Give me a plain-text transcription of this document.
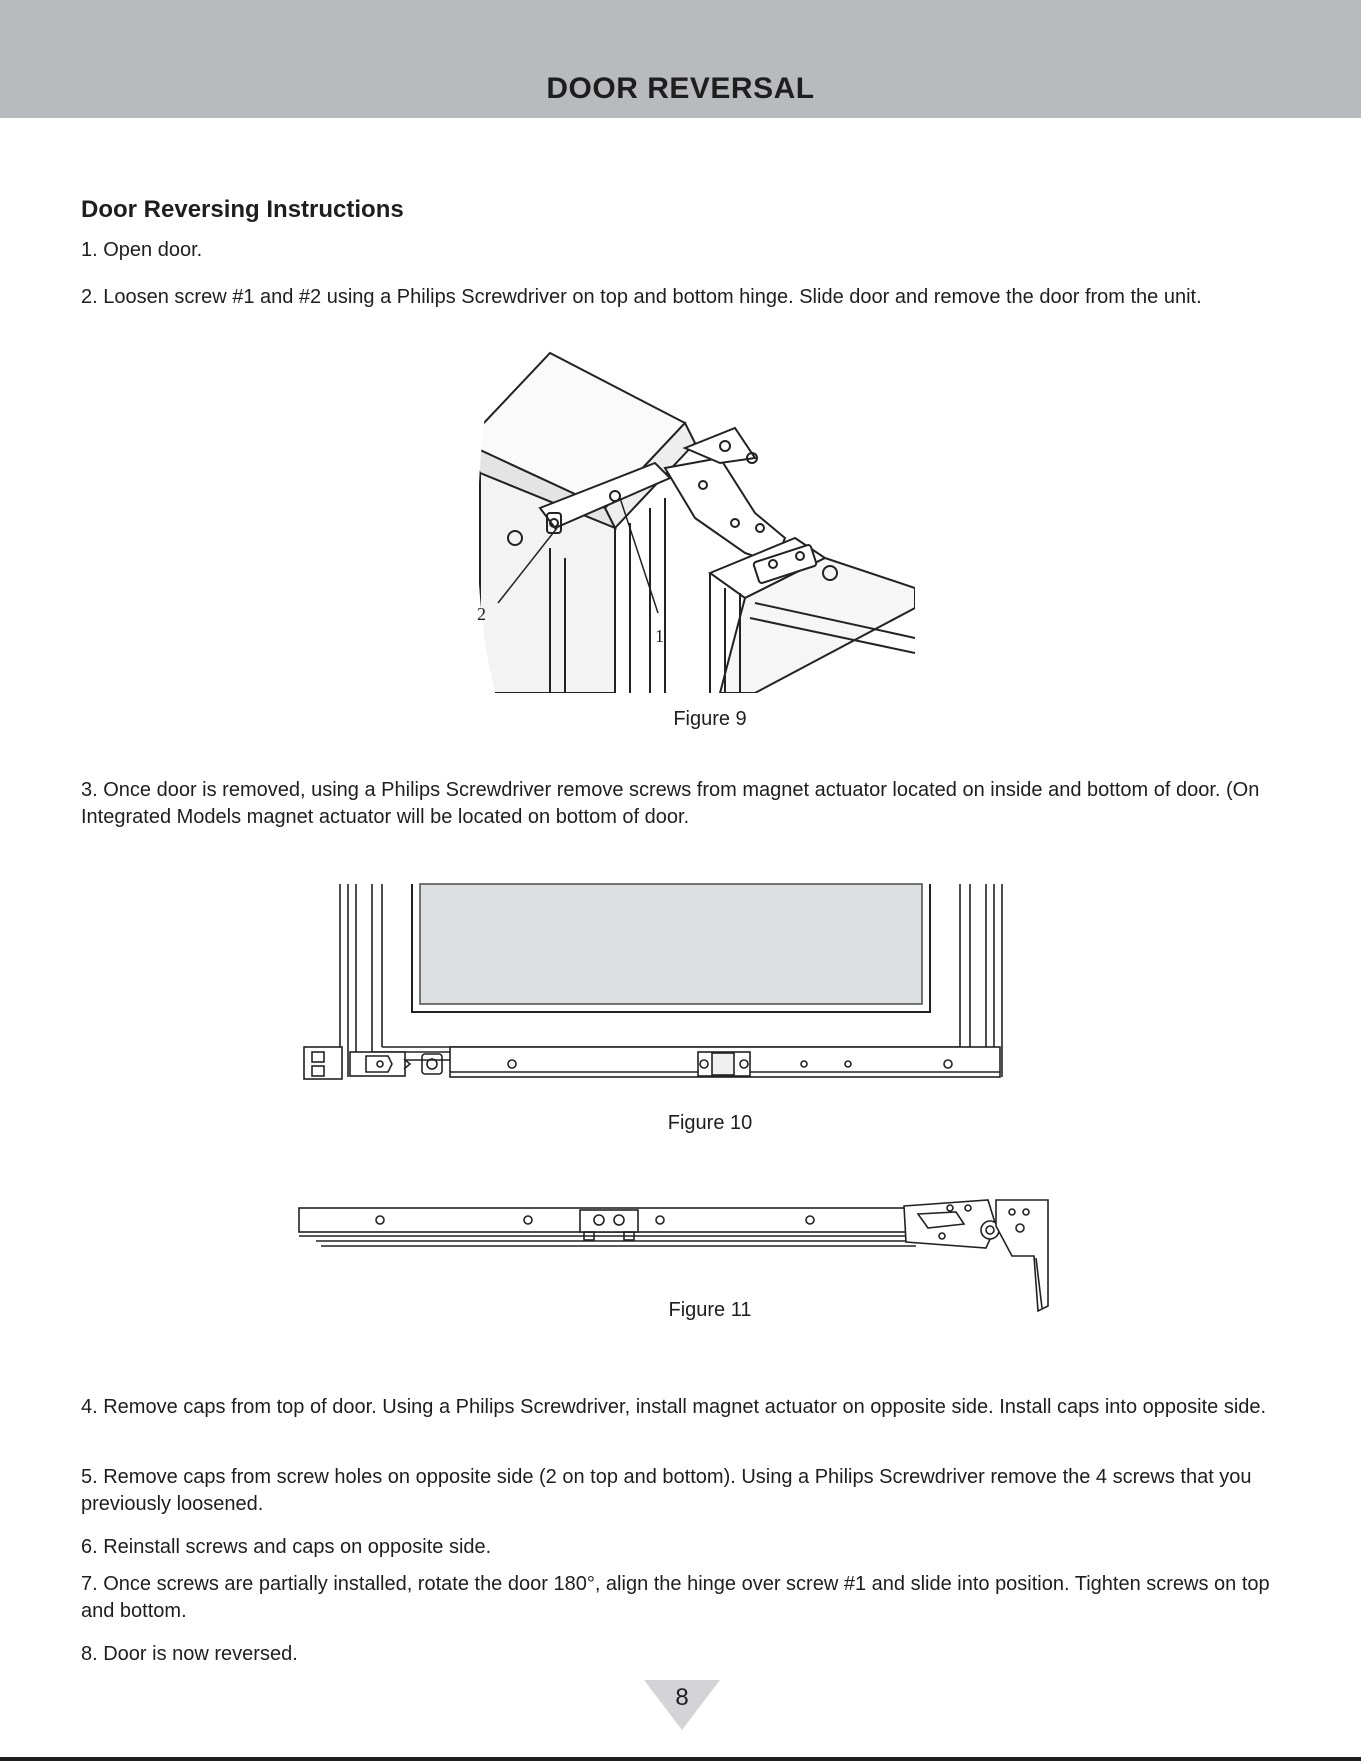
DOOR REVERSAL
Door Reversing Instructions
1. Open door.
2. Loosen screw #1 and #2 using a Philips Screwdriver on top and bottom hinge. Slide door and remove the door from the unit.
2
1
Figure 9
3. Once door is removed, using a Philips Screwdriver remove screws from magnet actuator located on inside and bottom of door. (On Integrated Models magnet actuator will be located on bottom of door.
Figure 10
Figure 11
4. Remove caps from top of door. Using a Philips Screwdriver, install magnet actuator on opposite side. Install caps into opposite side.
5. Remove caps from screw holes on opposite side (2 on top and bottom). Using a Philips Screwdriver remove the 4 screws that you previously loosened.
6. Reinstall screws and caps on opposite side.
7. Once screws are partially installed, rotate the door 180°, align the hinge over screw #1 and slide into position. Tighten screws on top and bottom.
8. Door is now reversed.
8
